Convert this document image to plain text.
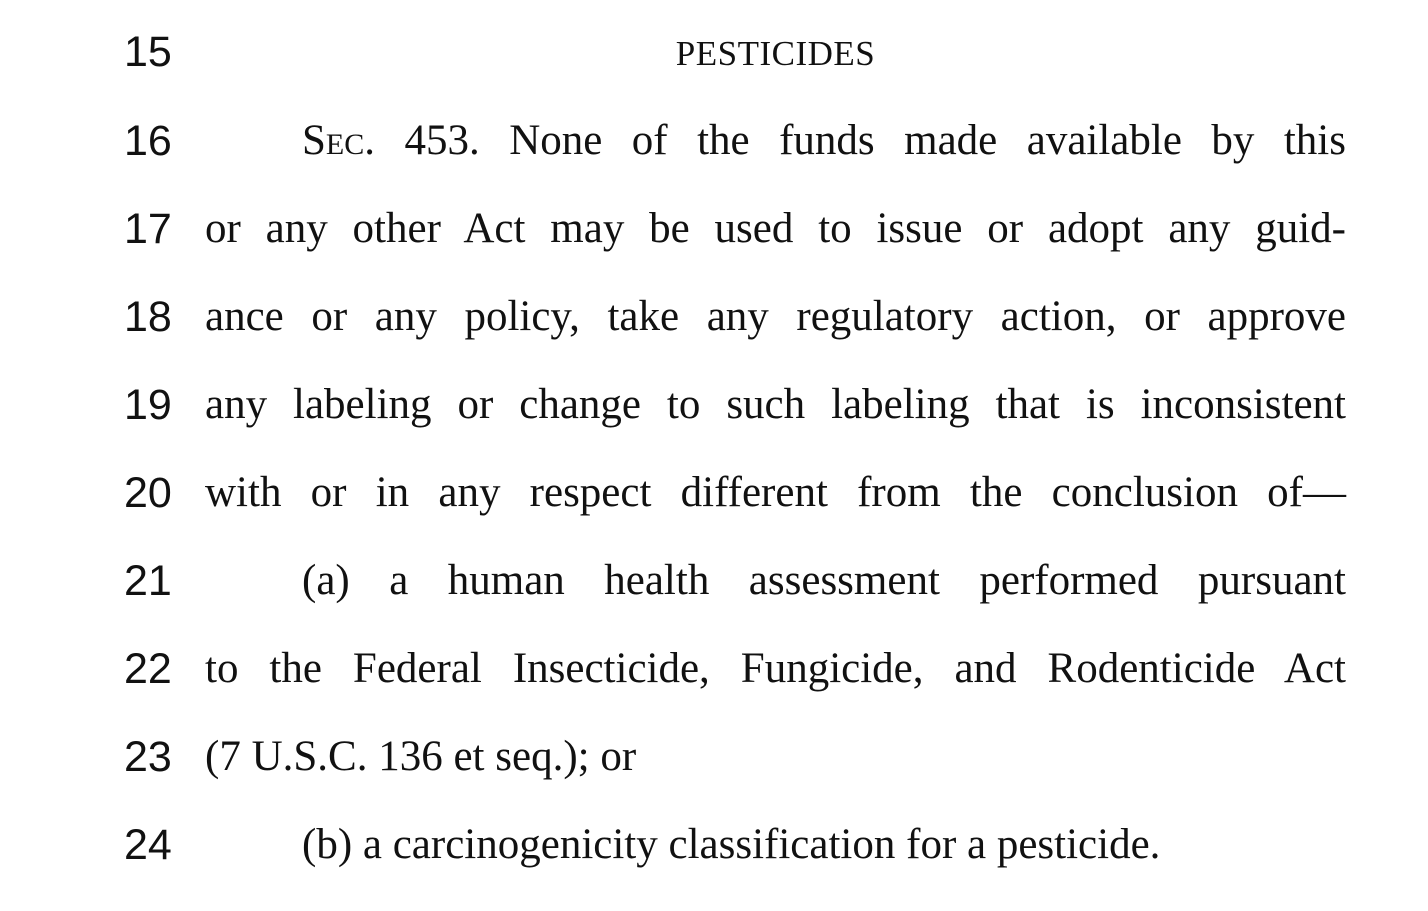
15	PESTICIDES
16	Sec. 453. None of the funds made available by this
17 or any other Act may be used to issue or adopt any guid-
18 ance or any policy, take any regulatory action, or approve
19 any labeling or change to such labeling that is inconsistent
20 with or in any respect different from the conclusion of—
21	(a) a human health assessment performed pursuant
22 to the Federal Insecticide, Fungicide, and Rodenticide Act
23 (7 U.S.C. 136 et seq.); or
24	(b) a carcinogenicity classification for a pesticide.
